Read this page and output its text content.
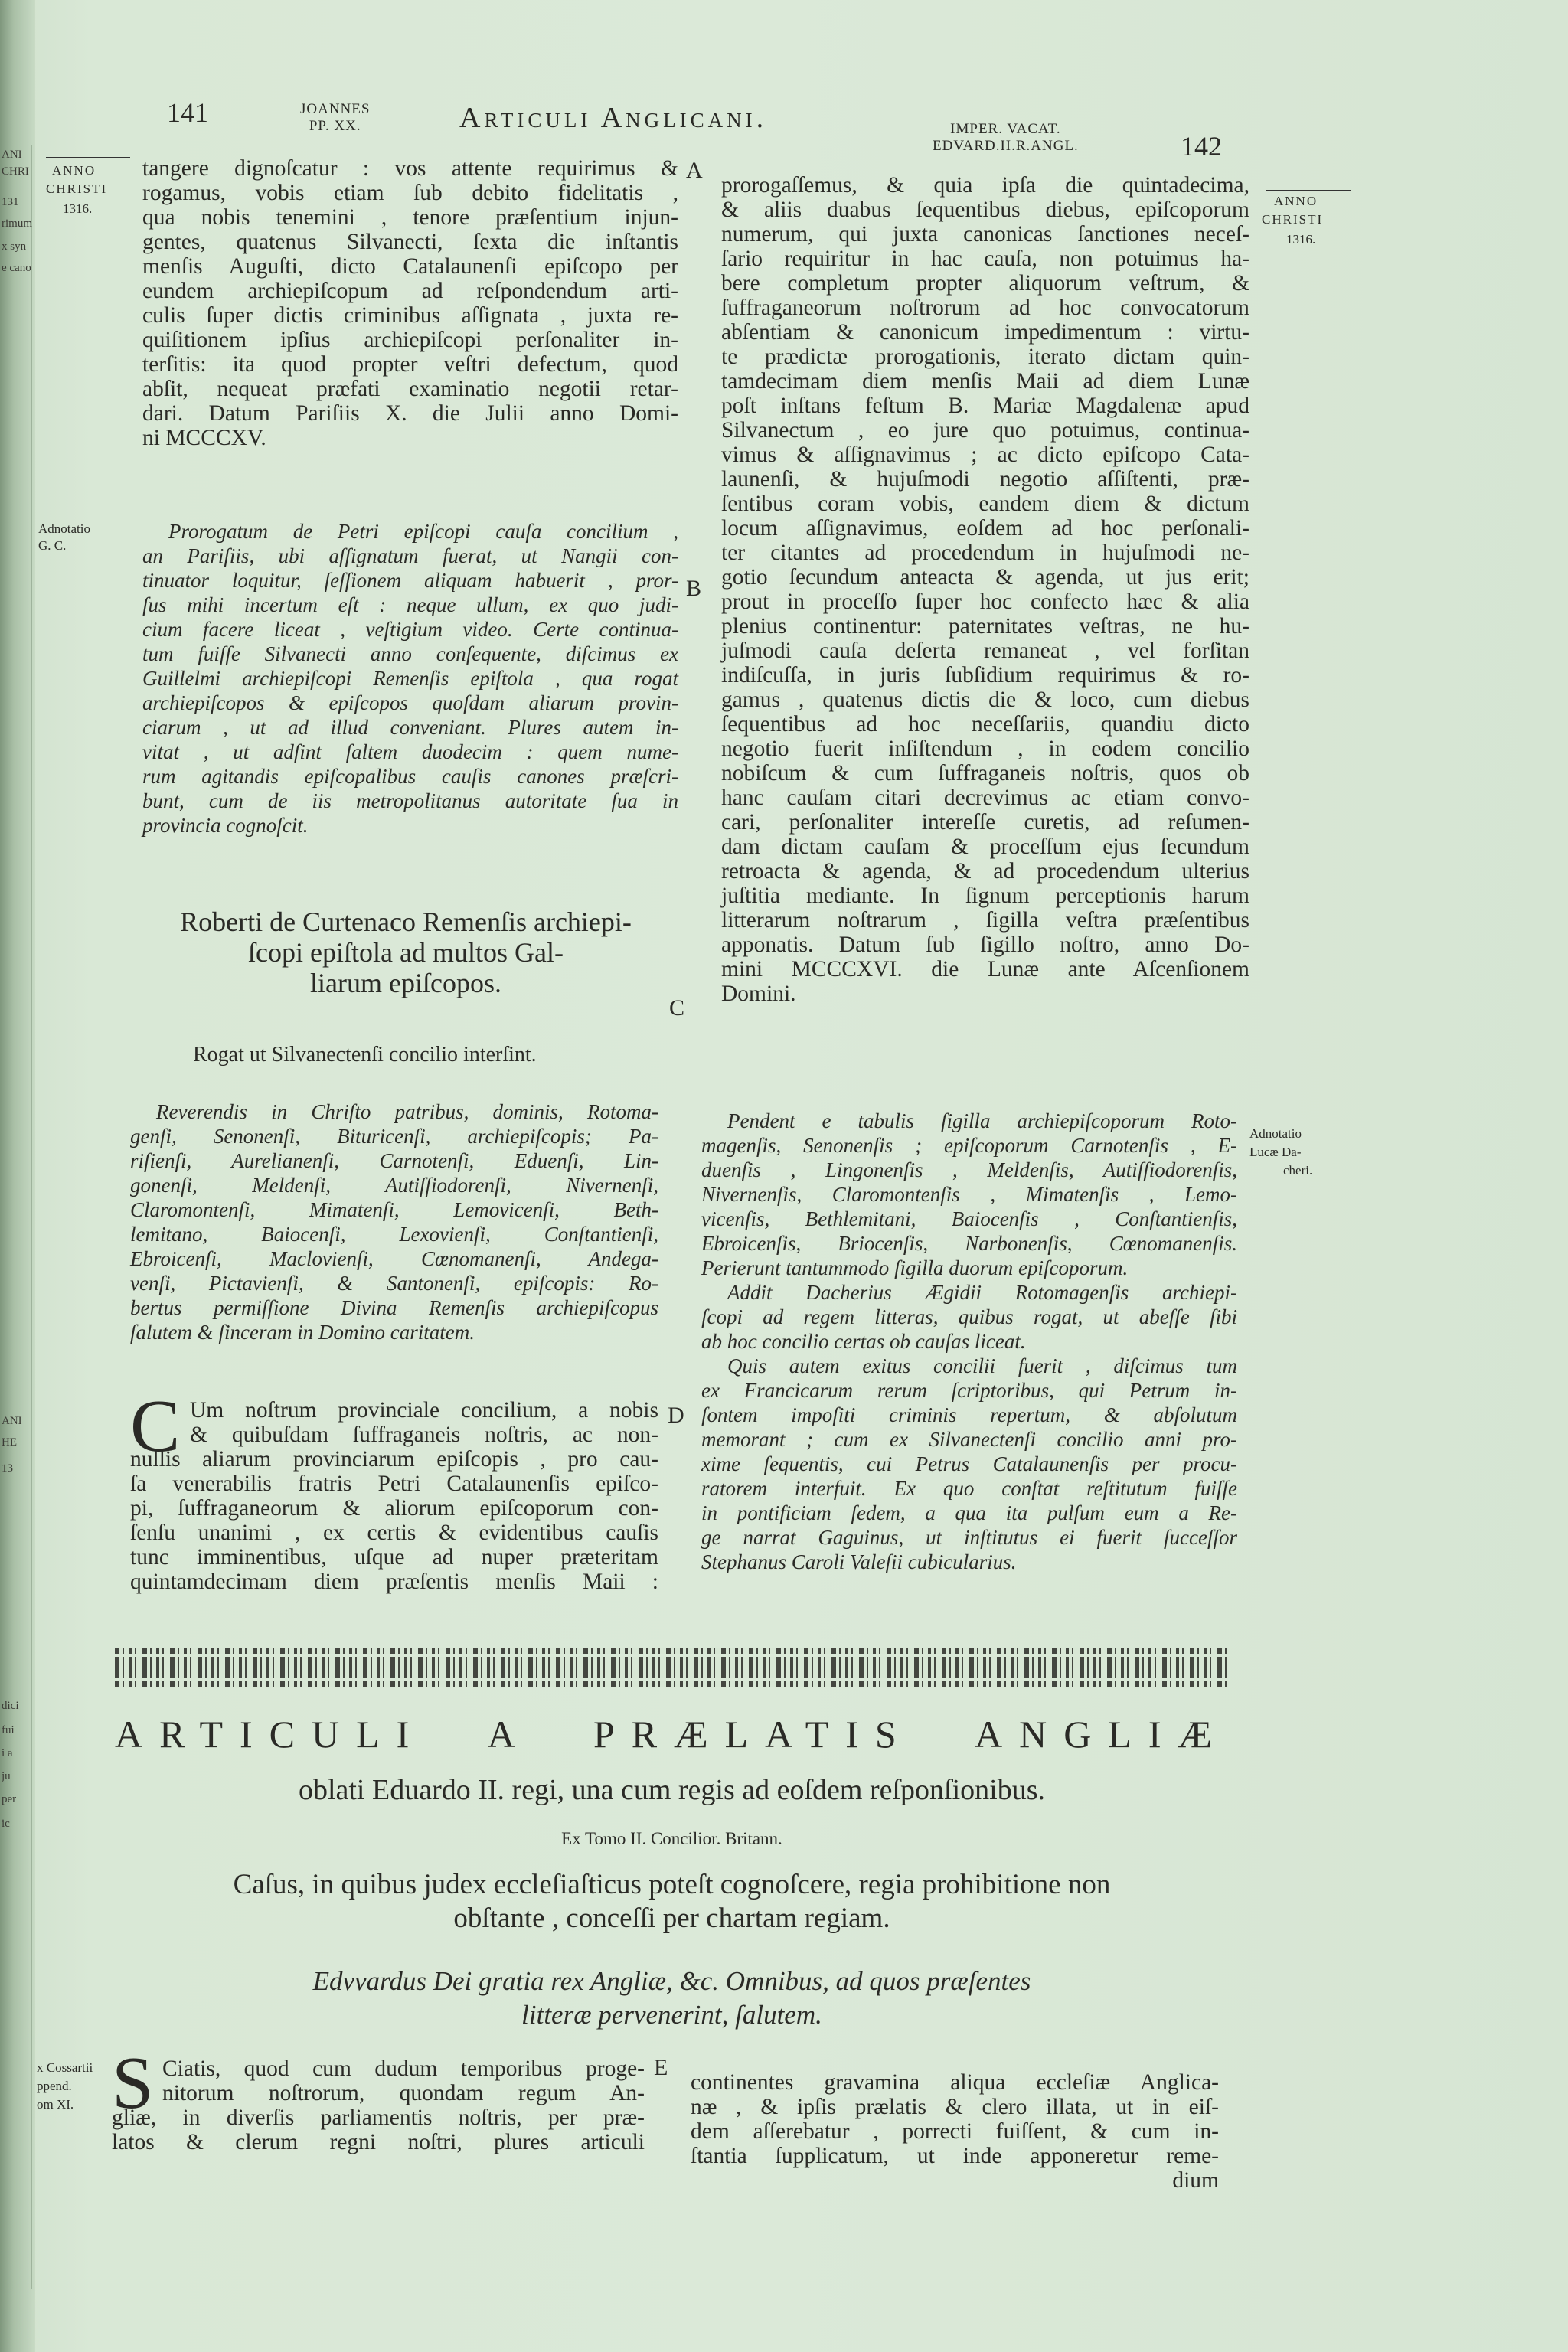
ANI
CHRI
131
rimum
x syn
e cano
ANI
HE
13
dici
fui
i a
ju
per
ic
141	JOANNES
PP. XX.	Articuli Anglicani.	IMPER. VACAT.
EDVARD.II.R.ANGL.	142
ANNO
CHRISTI
1316.
Adnotatio
G. C.
x Cossartii
ppend.
om XI.
ANNO
CHRISTI
1316.
Adnotatio
Lucæ Da-
cheri.
A
B
C
D
E
tangere dignoſcatur : vos attente requirimus &
rogamus, vobis etiam ſub debito fidelitatis ,
qua nobis tenemini , tenore præſentium injun-
gentes, quatenus Silvanecti, ſexta die inſtantis
menſis Auguſti, dicto Catalaunenſi epiſcopo per
eundem archiepiſcopum ad reſpondendum arti-
culis ſuper dictis criminibus aſſignata , juxta re-
quiſitionem ipſius archiepiſcopi perſonaliter in-
terſitis: ita quod propter veſtri defectum, quod
abſit, nequeat præfati examinatio negotii retar-
dari. Datum Pariſiis X. die Julii anno Domi-
ni MCCCXV.
Prorogatum de Petri epiſcopi cauſa concilium ,
an Pariſiis, ubi aſſignatum fuerat, ut Nangii con-
tinuator loquitur, ſeſſionem aliquam habuerit , pror-
ſus mihi incertum eſt : neque ullum, ex quo judi-
cium facere liceat , veſtigium video. Certe continua-
tum fuiſſe Silvanecti anno conſequente, diſcimus ex
Guillelmi archiepiſcopi Remenſis epiſtola , qua rogat
archiepiſcopos & epiſcopos quoſdam aliarum provin-
ciarum , ut ad illud conveniant. Plures autem in-
vitat , ut adſint ſaltem duodecim : quem nume-
rum agitandis epiſcopalibus cauſis canones præſcri-
bunt, cum de iis metropolitanus autoritate ſua in
provincia cognoſcit.
Roberti de Curtenaco Remenſis archiepi-
ſcopi epiſtola ad multos Gal-
liarum epiſcopos.
Rogat ut Silvanectenſi concilio interſint.
Reverendis in Chriſto patribus, dominis, Rotoma-
genſi, Senonenſi, Bituricenſi, archiepiſcopis; Pa-
riſienſi, Aurelianenſi, Carnotenſi, Eduenſi, Lin-
gonenſi, Meldenſi, Autiſſiodorenſi, Nivernenſi,
Claromontenſi, Mimatenſi, Lemovicenſi, Beth-
lemitano, Baiocenſi, Lexovienſi, Conſtantienſi,
Ebroicenſi, Maclovienſi, Cœnomanenſi, Andega-
venſi, Pictavienſi, & Santonenſi, epiſcopis: Ro-
bertus permiſſione Divina Remenſis archiepiſcopus
ſalutem & ſinceram in Domino caritatem.
C Um noſtrum provinciale concilium, a nobis
& quibuſdam ſuffraganeis noſtris, ac non-
nullis aliarum provinciarum epiſcopis , pro cau-
ſa venerabilis fratris Petri Catalaunenſis epiſco-
pi, ſuffraganeorum & aliorum epiſcoporum con-
ſenſu unanimi , ex certis & evidentibus cauſis
tunc imminentibus, uſque ad nuper præteritam
quintamdecimam diem præſentis menſis Maii :
prorogaſſemus, & quia ipſa die quintadecima,
& aliis duabus ſequentibus diebus, epiſcoporum
numerum, qui juxta canonicas ſanctiones neceſ-
ſario requiritur in hac cauſa, non potuimus ha-
bere completum propter aliquorum veſtrum, &
ſuffraganeorum noſtrorum ad hoc convocatorum
abſentiam & canonicum impedimentum : virtu-
te prædictæ prorogationis, iterato dictam quin-
tamdecimam diem menſis Maii ad diem Lunæ
poſt inſtans feſtum B. Mariæ Magdalenæ apud
Silvanectum , eo jure quo potuimus, continua-
vimus & aſſignavimus ; ac dicto epiſcopo Cata-
launenſi, & hujuſmodi negotio aſſiſtenti, præ-
ſentibus coram vobis, eandem diem & dictum
locum aſſignavimus, eoſdem ad hoc perſonali-
ter citantes ad procedendum in hujuſmodi ne-
gotio ſecundum anteacta & agenda, ut jus erit;
prout in proceſſo ſuper hoc confecto hæc & alia
plenius continentur: paternitates veſtras, ne hu-
juſmodi cauſa deſerta remaneat , vel forſitan
indiſcuſſa, in juris ſubſidium requirimus & ro-
gamus , quatenus dictis die & loco, cum diebus
ſequentibus ad hoc neceſſariis, quandiu dicto
negotio fuerit inſiſtendum , in eodem concilio
nobiſcum & cum ſuffraganeis noſtris, quos ob
hanc cauſam citari decrevimus ac etiam convo-
cari, perſonaliter intereſſe curetis, ad reſumen-
dam dictam cauſam & proceſſum ejus ſecundum
retroacta & agenda, & ad procedendum ulterius
juſtitia mediante. In ſignum perceptionis harum
litterarum noſtrarum , ſigilla veſtra præſentibus
apponatis. Datum ſub ſigillo noſtro, anno Do-
mini MCCCXVI. die Lunæ ante Aſcenſionem
Domini.
Pendent e tabulis ſigilla archiepiſcoporum Roto-
magenſis, Senonenſis ; epiſcoporum Carnotenſis , E-
duenſis , Lingonenſis , Meldenſis, Autiſſiodorenſis,
Nivernenſis, Claromontenſis , Mimatenſis , Lemo-
vicenſis, Bethlemitani, Baiocenſis , Conſtantienſis,
Ebroicenſis, Briocenſis, Narbonenſis, Cœnomanenſis.
Perierunt tantummodo ſigilla duorum epiſcoporum.
Addit Dacherius Ægidii Rotomagenſis archiepi-
ſcopi ad regem litteras, quibus rogat, ut abeſſe ſibi
ab hoc concilio certas ob cauſas liceat.
Quis autem exitus concilii fuerit , diſcimus tum
ex Francicarum rerum ſcriptoribus, qui Petrum in-
ſontem impoſiti criminis repertum, & abſolutum
memorant ; cum ex Silvanectenſi concilio anni pro-
xime ſequentis, cui Petrus Catalaunenſis per procu-
ratorem interfuit. Ex quo conſtat reſtitutum fuiſſe
in pontificiam ſedem, a qua ita pulſum eum a Re-
ge narrat Gaguinus, ut inſtitutus ei fuerit ſucceſſor
Stephanus Caroli Valeſii cubicularius.
ARTICULI A PRÆLATIS ANGLIÆ
oblati Eduardo II. regi, una cum regis ad eoſdem reſponſionibus.
Ex Tomo II. Concilior. Britann.
Caſus, in quibus judex eccleſiaſticus poteſt cognoſcere, regia prohibitione non
obſtante , conceſſi per chartam regiam.
Edvvardus Dei gratia rex Angliæ, &c. Omnibus, ad quos præſentes
litteræ pervenerint, ſalutem.
S Ciatis, quod cum dudum temporibus proge-
nitorum noſtrorum, quondam regum An-
gliæ, in diverſis parliamentis noſtris, per præ-
latos & clerum regni noſtri, plures articuli
continentes gravamina aliqua eccleſiæ Anglica-
næ , & ipſis prælatis & clero illata, ut in eiſ-
dem aſſerebatur , porrecti fuiſſent, & cum in-
ſtantia ſupplicatum, ut inde apponeretur reme-
dium
